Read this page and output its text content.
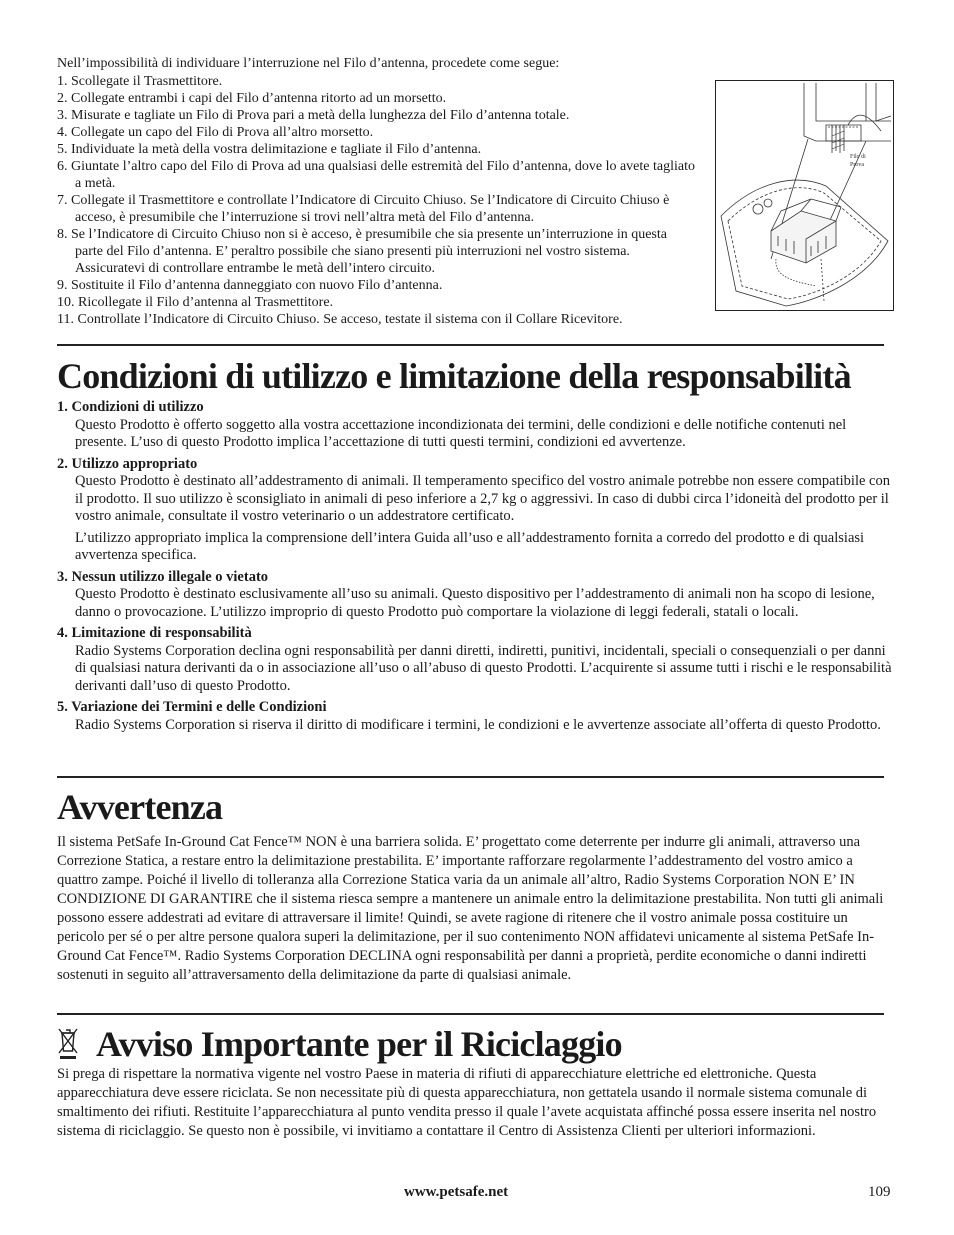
Nell’impossibilità di individuare l’interruzione nel Filo d’antenna, procedete come segue:
1. Scollegate il Trasmettitore.
2. Collegate entrambi i capi del Filo d’antenna ritorto ad un morsetto.
3. Misurate e tagliate un Filo di Prova pari a metà della lunghezza del Filo d’antenna totale.
4. Collegate un capo del Filo di Prova all’altro morsetto.
5. Individuate la metà della vostra delimitazione e tagliate il Filo d’antenna.
6. Giuntate l’altro capo del Filo di Prova ad una qualsiasi delle estremità del Filo d’antenna, dove lo avete tagliato a metà.
7. Collegate il Trasmettitore e controllate l’Indicatore di Circuito Chiuso. Se l’Indicatore di Circuito Chiuso è acceso, è presumibile che l’interruzione si trovi nell’altra metà del Filo d’antenna.
8. Se l’Indicatore di Circuito Chiuso non si è acceso, è presumibile che sia presente un’interruzione in questa parte del Filo d’antenna. E’ peraltro possibile che siano presenti più interruzioni nel vostro sistema. Assicuratevi di controllare entrambe le metà dell’intero circuito.
9. Sostituite il Filo d’antenna danneggiato con nuovo Filo d’antenna.
10. Ricollegate il Filo d’antenna al Trasmettitore.
11. Controllate l’Indicatore di Circuito Chiuso. Se acceso, testate il sistema con il Collare Ricevitore.
Filo di
Prova
Condizioni di utilizzo e limitazione della responsabilità
1. Condizioni di utilizzo

Questo Prodotto è offerto soggetto alla vostra accettazione incondizionata dei termini, delle condizioni e delle notifiche contenuti nel presente. L’uso di questo Prodotto implica l’accettazione di tutti questi termini, condizioni ed avvertenze.

2. Utilizzo appropriato

Questo Prodotto è destinato all’addestramento di animali. Il temperamento specifico del vostro animale potrebbe non essere compatibile con il prodotto. Il suo utilizzo è sconsigliato in animali di peso inferiore a 2,7 kg o aggressivi. In caso di dubbi circa l’idoneità del prodotto per il vostro animale, consultate il vostro veterinario o un addestratore certificato.

L’utilizzo appropriato implica la comprensione dell’intera Guida all’uso e all’addestramento fornita a corredo del prodotto e di qualsiasi avvertenza specifica.

3. Nessun utilizzo illegale o vietato

Questo Prodotto è destinato esclusivamente all’uso su animali. Questo dispositivo per l’addestramento di animali non ha scopo di lesione, danno o provocazione. L’utilizzo improprio di questo Prodotto può comportare la violazione di leggi federali, statali o locali.

4. Limitazione di responsabilità

Radio Systems Corporation declina ogni responsabilità per danni diretti, indiretti, punitivi, incidentali, speciali o consequenziali o per danni di qualsiasi natura derivanti da o in associazione all’uso o all’abuso di questo Prodotti. L’acquirente si assume tutti i rischi e le responsabilità derivanti dall’uso di questo Prodotto.

5. Variazione dei Termini e delle Condizioni

Radio Systems Corporation si riserva il diritto di modificare i termini, le condizioni e le avvertenze associate all’offerta di questo Prodotto.

Avvertenza

Il sistema PetSafe In-Ground Cat Fence™ NON è una barriera solida. E’ progettato come deterrente per indurre gli animali, attraverso una Correzione Statica, a restare entro la delimitazione prestabilita. E’ importante rafforzare regolarmente l’addestramento del vostro amico a quattro zampe. Poiché il livello di tolleranza alla Correzione Statica varia da un animale all’altro, Radio Systems Corporation NON E’ IN CONDIZIONE DI GARANTIRE che il sistema riesca sempre a mantenere un animale entro la delimitazione prestabilita. Non tutti gli animali possono essere addestrati ad evitare di attraversare il limite! Quindi, se avete ragione di ritenere che il vostro animale possa costituire un pericolo per sé o per altre persone qualora superi la delimitazione, per il suo contenimento NON affidatevi unicamente al sistema PetSafe In-Ground Cat Fence™. Radio Systems Corporation DECLINA ogni responsabilità per danni a proprietà, perdite economiche o danni indiretti sostenuti in seguito all’attraversamento della delimitazione da parte di qualsiasi animale.

Avviso Importante per il Riciclaggio

Si prega di rispettare la normativa vigente nel vostro Paese in materia di rifiuti di apparecchiature elettriche ed elettroniche. Questa apparecchiatura deve essere riciclata. Se non necessitate più di questa apparecchiatura, non gettatela usando il normale sistema comunale di smaltimento dei rifiuti. Restituite l’apparecchiatura al punto vendita presso il quale l’avete acquistata affinché possa essere inserita nel nostro sistema di riciclaggio. Se questo non è possibile, vi invitiamo a contattare il Centro di Assistenza Clienti per ulteriori informazioni.

www.petsafe.net	109
